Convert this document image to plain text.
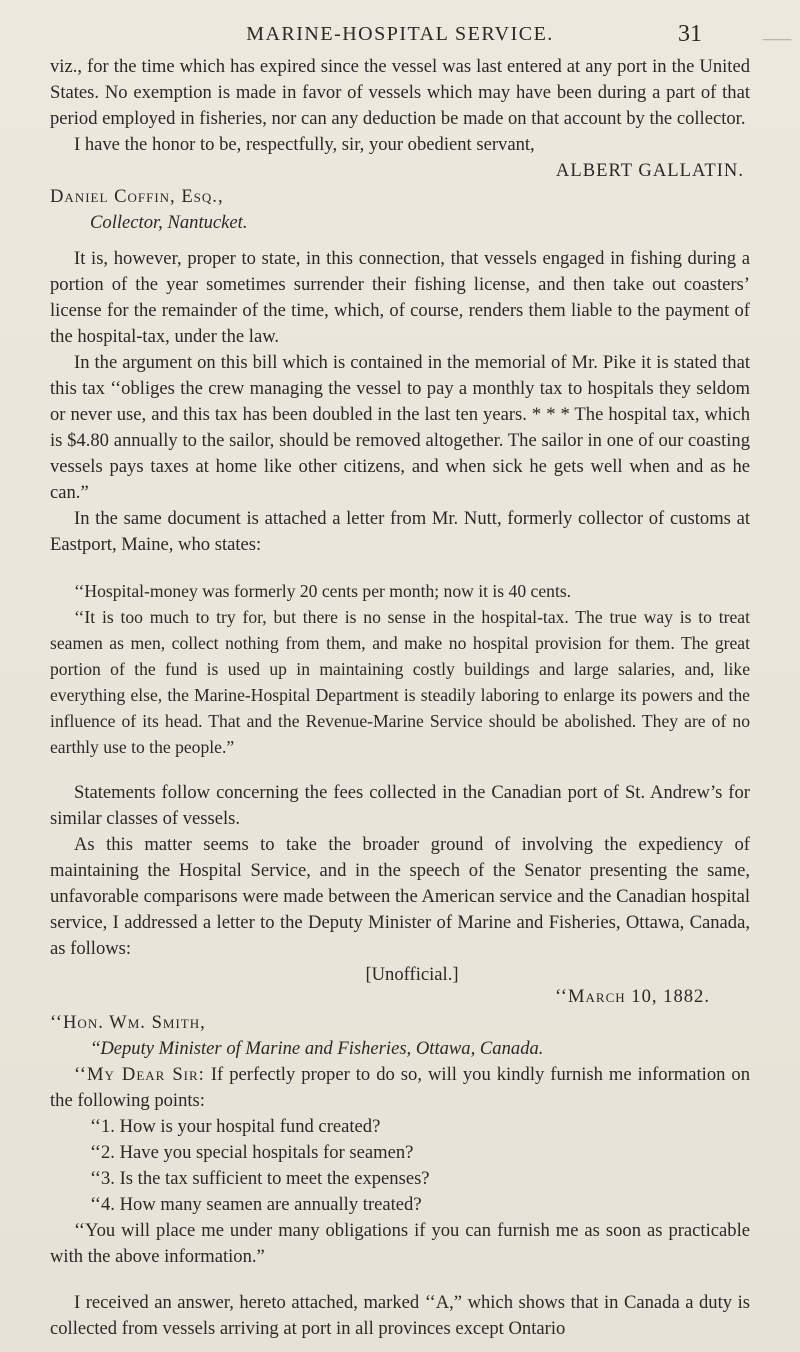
⸻
MARINE-HOSPITAL SERVICE.	31

viz., for the time which has expired since the vessel was last entered at any port in the United States. No exemption is made in favor of vessels which may have been during a part of that period employed in fisheries, nor can any deduction be made on that account by the collector.

I have the honor to be, respectfully, sir, your obedient servant,

ALBERT GALLATIN.

Daniel Coffin, Esq.,

Collector, Nantucket.

It is, however, proper to state, in this connection, that vessels engaged in fishing during a portion of the year sometimes surrender their fishing license, and then take out coasters’ license for the remainder of the time, which, of course, renders them liable to the payment of the hospital-tax, under the law.

In the argument on this bill which is contained in the memorial of Mr. Pike it is stated that this tax ‘‘obliges the crew managing the vessel to pay a monthly tax to hospitals they seldom or never use, and this tax has been doubled in the last ten years. * * * The hospital tax, which is $4.80 annually to the sailor, should be removed altogether. The sailor in one of our coasting vessels pays taxes at home like other citizens, and when sick he gets well when and as he can.”

In the same document is attached a letter from Mr. Nutt, formerly collector of customs at Eastport, Maine, who states:

‘‘Hospital-money was formerly 20 cents per month; now it is 40 cents.

‘‘It is too much to try for, but there is no sense in the hospital-tax. The true way is to treat seamen as men, collect nothing from them, and make no hospital provision for them. The great portion of the fund is used up in maintaining costly buildings and large salaries, and, like everything else, the Marine-Hospital Department is steadily laboring to enlarge its powers and the influence of its head. That and the Revenue-Marine Service should be abolished. They are of no earthly use to the people.”

Statements follow concerning the fees collected in the Canadian port of St. Andrew’s for similar classes of vessels.

As this matter seems to take the broader ground of involving the expediency of maintaining the Hospital Service, and in the speech of the Senator presenting the same, unfavorable comparisons were made between the American service and the Canadian hospital service, I addressed a letter to the Deputy Minister of Marine and Fisheries, Ottawa, Canada, as follows:

[Unofficial.]

‘‘March 10, 1882.

‘‘Hon. Wm. Smith,

‘‘Deputy Minister of Marine and Fisheries, Ottawa, Canada.

‘‘My Dear Sir: If perfectly proper to do so, will you kindly furnish me information on the following points:

‘‘1. How is your hospital fund created?

‘‘2. Have you special hospitals for seamen?

‘‘3. Is the tax sufficient to meet the expenses?

‘‘4. How many seamen are annually treated?

‘‘You will place me under many obligations if you can furnish me as soon as practicable with the above information.”

I received an answer, hereto attached, marked ‘‘A,” which shows that in Canada a duty is collected from vessels arriving at port in all provinces except Ontario
